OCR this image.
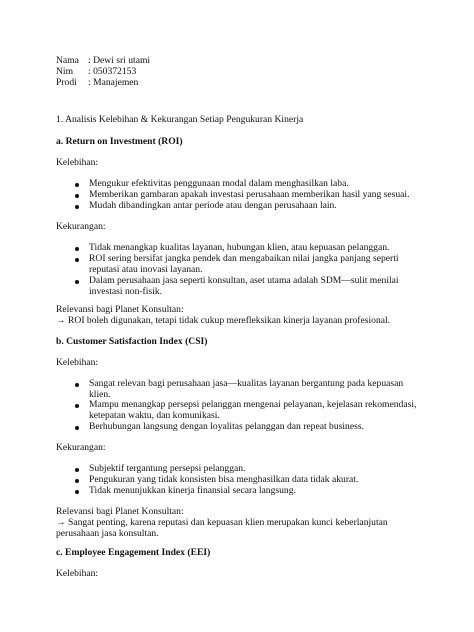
Nama : Dewi sri utami
Nim : 050372153
Prodi : Manajemen
1. Analisis Kelebihan & Kekurangan Setiap Pengukuran Kinerja
a. Return on Investment (ROI)
Kelebihan:
Mengukur efektivitas penggunaan modal dalam menghasilkan laba.
Memberikan gambaran apakah investasi perusahaan memberikan hasil yang sesuai.
Mudah dibandingkan antar periode atau dengan perusahaan lain.
Kekurangan:
Tidak menangkap kualitas layanan, hubungan klien, atau kepuasan pelanggan.
ROI sering bersifat jangka pendek dan mengabaikan nilai jangka panjang seperti
reputasi atau inovasi layanan.
Dalam perusahaan jasa seperti konsultan, aset utama adalah SDM—sulit menilai
investasi non-fisik.
Relevansi bagi Planet Konsultan:
→ ROI boleh digunakan, tetapi tidak cukup merefleksikan kinerja layanan profesional.
b. Customer Satisfaction Index (CSI)
Kelebihan:
Sangat relevan bagi perusahaan jasa—kualitas layanan bergantung pada kepuasan
klien.
Mampu menangkap persepsi pelanggan mengenai pelayanan, kejelasan rekomendasi,
ketepatan waktu, dan komunikasi.
Berhubungan langsung dengan loyalitas pelanggan dan repeat business.
Kekurangan:
Subjektif tergantung persepsi pelanggan.
Pengukuran yang tidak konsisten bisa menghasilkan data tidak akurat.
Tidak menunjukkan kinerja finansial secara langsung.
Relevansi bagi Planet Konsultan:
→ Sangat penting, karena reputasi dan kepuasan klien merupakan kunci keberlanjutan
perusahaan jasa konsultan.
c. Employee Engagement Index (EEI)
Kelebihan:
